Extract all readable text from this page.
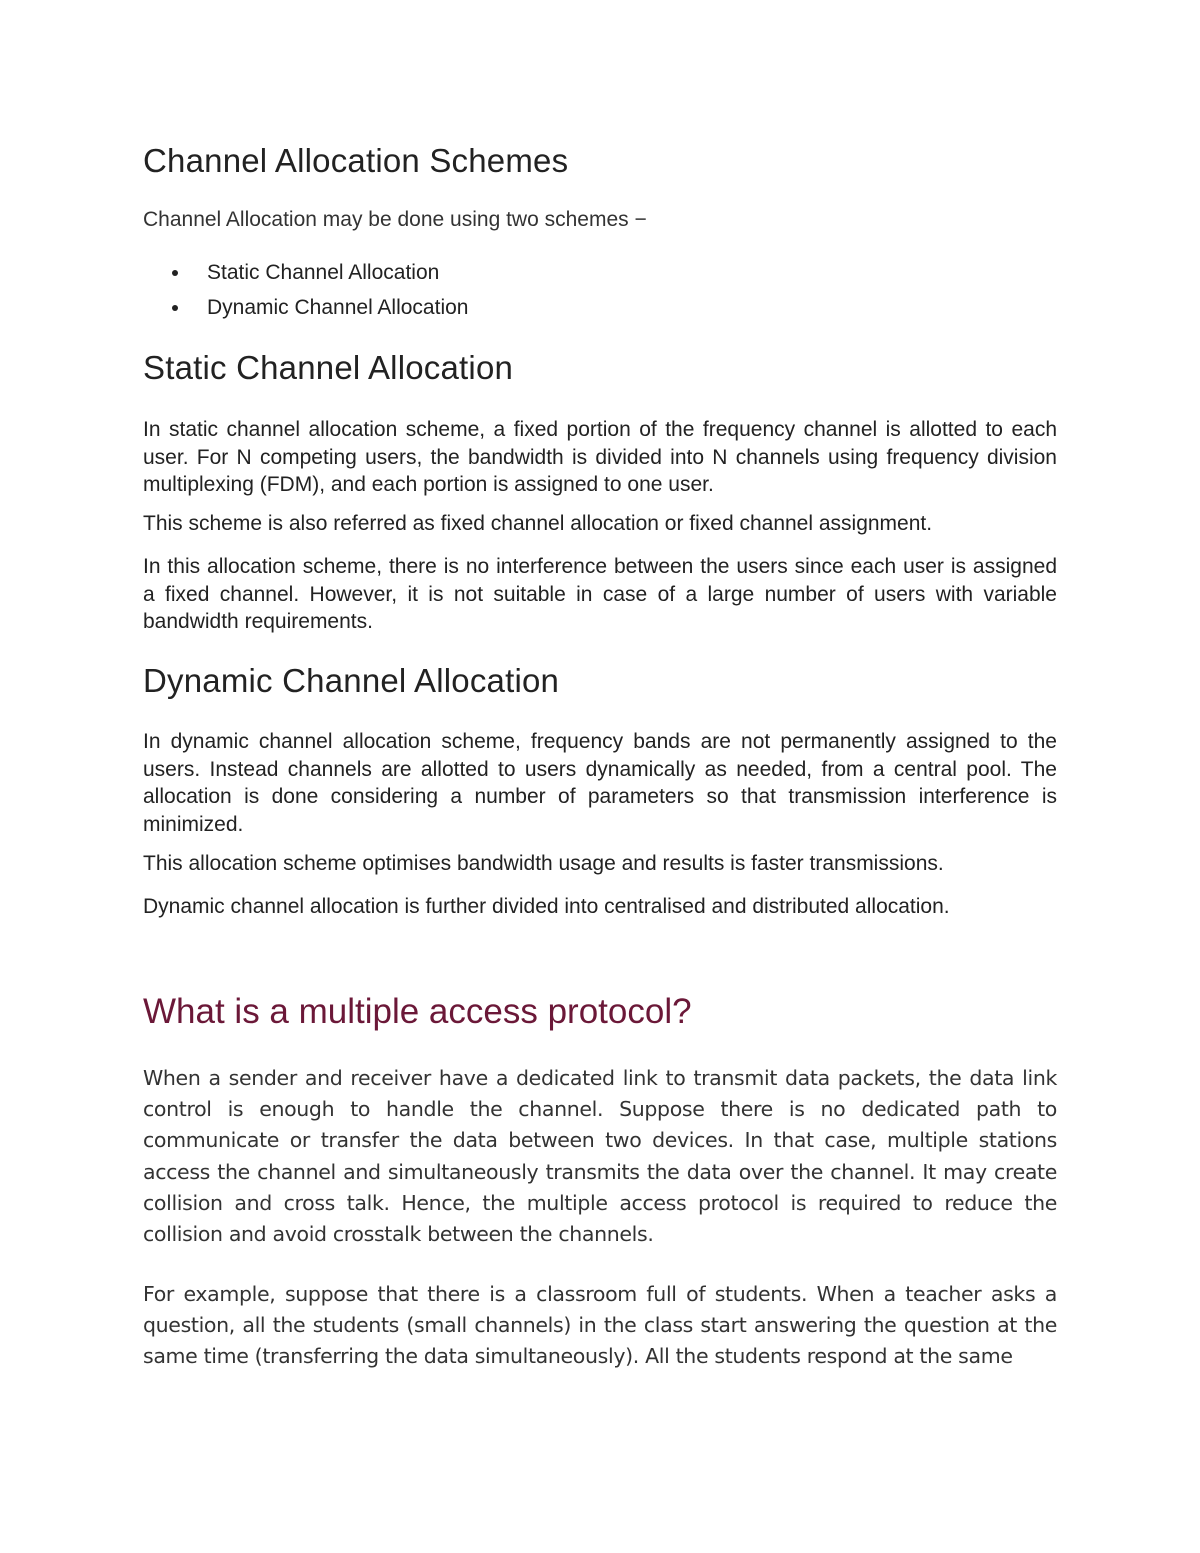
Channel Allocation Schemes

Channel Allocation may be done using two schemes −

Static Channel Allocation
Dynamic Channel Allocation
Static Channel Allocation

In static channel allocation scheme, a fixed portion of the frequency channel is allotted to each user. For N competing users, the bandwidth is divided into N channels using frequency division multiplexing (FDM), and each portion is assigned to one user.

This scheme is also referred as fixed channel allocation or fixed channel assignment.

In this allocation scheme, there is no interference between the users since each user is assigned a fixed channel. However, it is not suitable in case of a large number of users with variable bandwidth requirements.

Dynamic Channel Allocation

In dynamic channel allocation scheme, frequency bands are not permanently assigned to the users. Instead channels are allotted to users dynamically as needed, from a central pool. The allocation is done considering a number of parameters so that transmission interference is minimized.

This allocation scheme optimises bandwidth usage and results is faster transmissions.

Dynamic channel allocation is further divided into centralised and distributed allocation.

What is a multiple access protocol?

When a sender and receiver have a dedicated link to transmit data packets, the data link control is enough to handle the channel. Suppose there is no dedicated path to communicate or transfer the data between two devices. In that case, multiple stations access the channel and simultaneously transmits the data over the channel. It may create collision and cross talk. Hence, the multiple access protocol is required to reduce the collision and avoid crosstalk between the channels.

For example, suppose that there is a classroom full of students. When a teacher asks a question, all the students (small channels) in the class start answering the question at the same time (transferring the data simultaneously). All the students respond at the same
